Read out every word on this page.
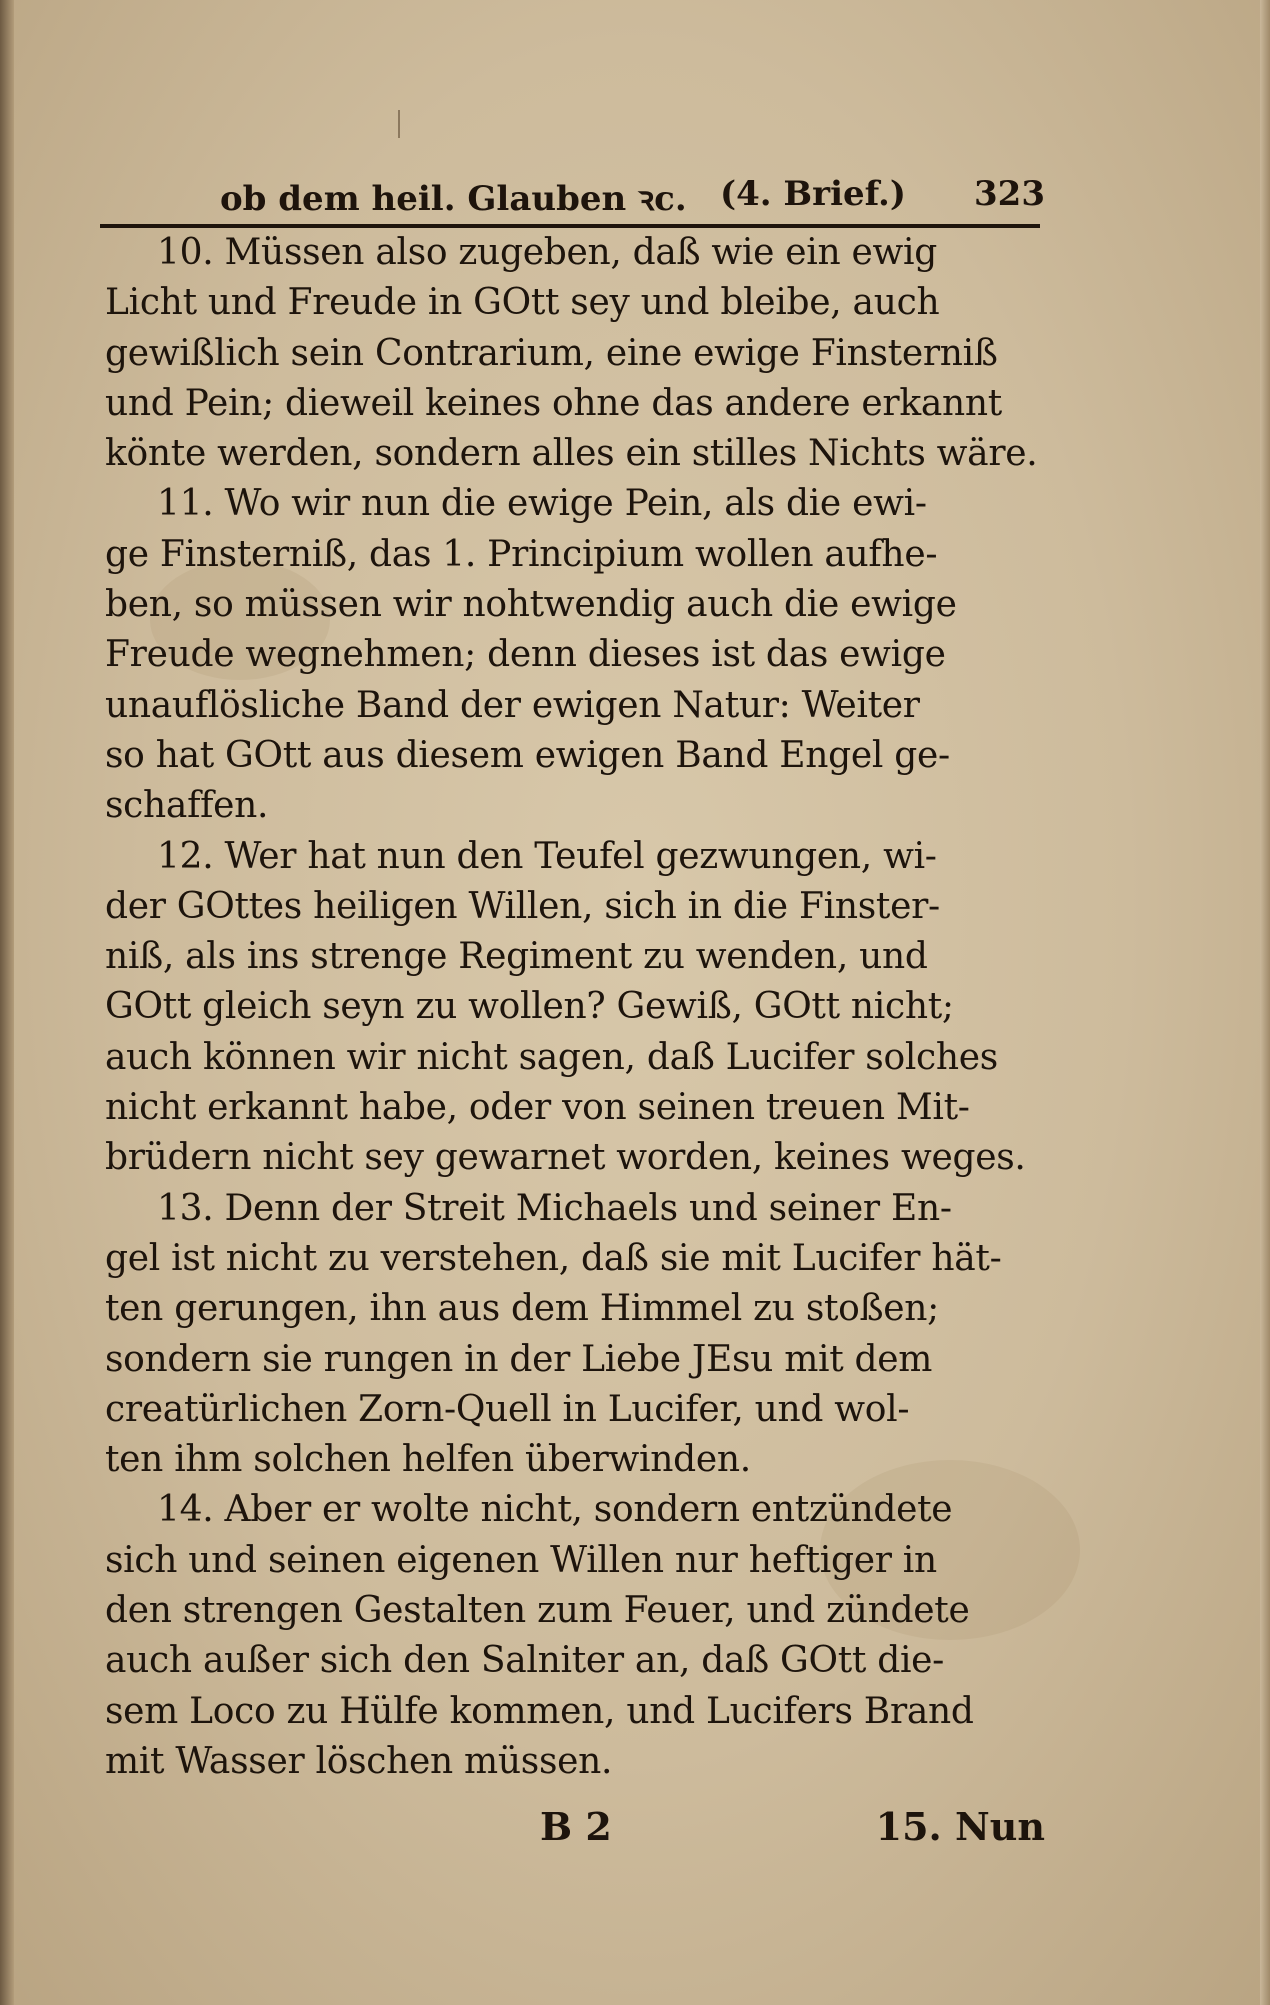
ob dem heil. Glauben ꝛc. (4. Brief.) 323
10. Müssen also zugeben, daß wie ein ewig
Licht und Freude in GOtt sey und bleibe, auch
gewißlich sein Contrarium, eine ewige Finsterniß
und Pein; dieweil keines ohne das andere erkannt
könte werden, sondern alles ein stilles Nichts wäre.
11. Wo wir nun die ewige Pein, als die ewi-
ge Finsterniß, das 1. Principium wollen aufhe-
ben, so müssen wir nohtwendig auch die ewige
Freude wegnehmen; denn dieses ist das ewige
unauflösliche Band der ewigen Natur: Weiter
so hat GOtt aus diesem ewigen Band Engel ge-
schaffen.
12. Wer hat nun den Teufel gezwungen, wi-
der GOttes heiligen Willen, sich in die Finster-
niß, als ins strenge Regiment zu wenden, und
GOtt gleich seyn zu wollen? Gewiß, GOtt nicht;
auch können wir nicht sagen, daß Lucifer solches
nicht erkannt habe, oder von seinen treuen Mit-
brüdern nicht sey gewarnet worden, keines weges.
13. Denn der Streit Michaels und seiner En-
gel ist nicht zu verstehen, daß sie mit Lucifer hät-
ten gerungen, ihn aus dem Himmel zu stoßen;
sondern sie rungen in der Liebe JEsu mit dem
creatürlichen Zorn-Quell in Lucifer, und wol-
ten ihm solchen helfen überwinden.
14. Aber er wolte nicht, sondern entzündete
sich und seinen eigenen Willen nur heftiger in
den strengen Gestalten zum Feuer, und zündete
auch außer sich den Salniter an, daß GOtt die-
sem Loco zu Hülfe kommen, und Lucifers Brand
mit Wasser löschen müssen.
B 2	15. Nun
